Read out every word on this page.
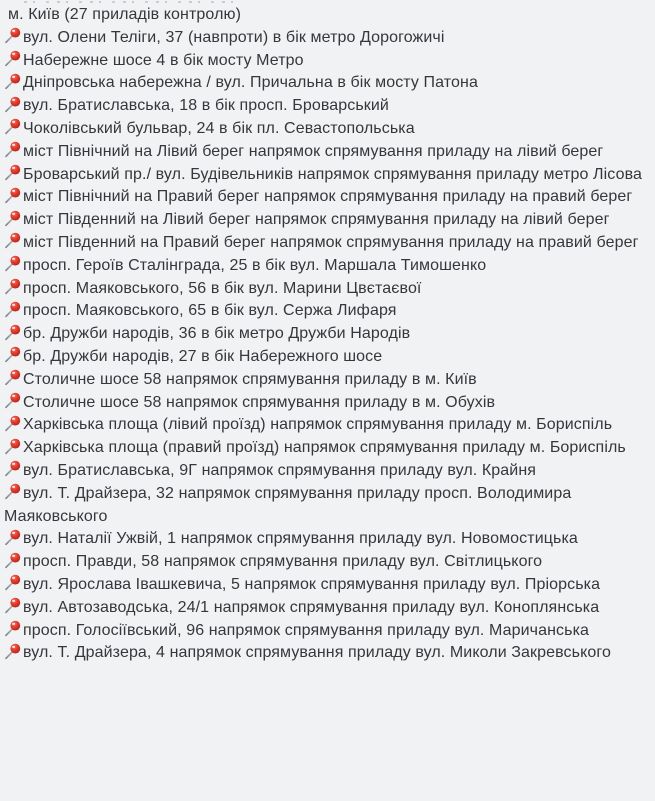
м. Київ (27 приладів контролю)
вул. Олени Теліги, 37 (навпроти) в бік метро Дорогожичі
Набережне шосе 4 в бік мосту Метро
Дніпровська набережна / вул. Причальна в бік мосту Патона
вул. Братиславська, 18 в бік просп. Броварський
Чоколівський бульвар, 24 в бік пл. Севастопольська
міст Північний на Лівий берег напрямок спрямування приладу на лівий берег
Броварський пр./ вул. Будівельників напрямок спрямування приладу метро Лісова
міст Північний на Правий берег напрямок спрямування приладу на правий берег
міст Південний на Лівий берег напрямок спрямування приладу на лівий берег
міст Південний на Правий берег напрямок спрямування приладу на правий берег
просп. Героїв Сталінграда, 25 в бік вул. Маршала Тимошенко
просп. Маяковського, 56 в бік вул. Марини Цвєтаєвої
просп. Маяковського, 65 в бік вул. Сержа Лифаря
бр. Дружби народів, 36 в бік метро Дружби Народів
бр. Дружби народів, 27 в бік Набережного шосе
Столичне шосе 58 напрямок спрямування приладу в м. Київ
Столичне шосе 58 напрямок спрямування приладу в м. Обухів
Харківська площа (лівий проїзд) напрямок спрямування приладу м. Бориспіль
Харківська площа (правий проїзд) напрямок спрямування приладу м. Бориспіль
вул. Братиславська, 9Г напрямок спрямування приладу вул. Крайня
вул. Т. Драйзера, 32 напрямок спрямування приладу просп. Володимира Маяковського
вул. Наталії Ужвій, 1 напрямок спрямування приладу вул. Новомостицька
просп. Правди, 58 напрямок спрямування приладу вул. Світлицького
вул. Ярослава Івашкевича, 5 напрямок спрямування приладу вул. Пріорська
вул. Автозаводська, 24/1 напрямок спрямування приладу вул. Коноплянська
просп. Голосіївський, 96 напрямок спрямування приладу вул. Маричанська
вул. Т. Драйзера, 4 напрямок спрямування приладу вул. Миколи Закревського
